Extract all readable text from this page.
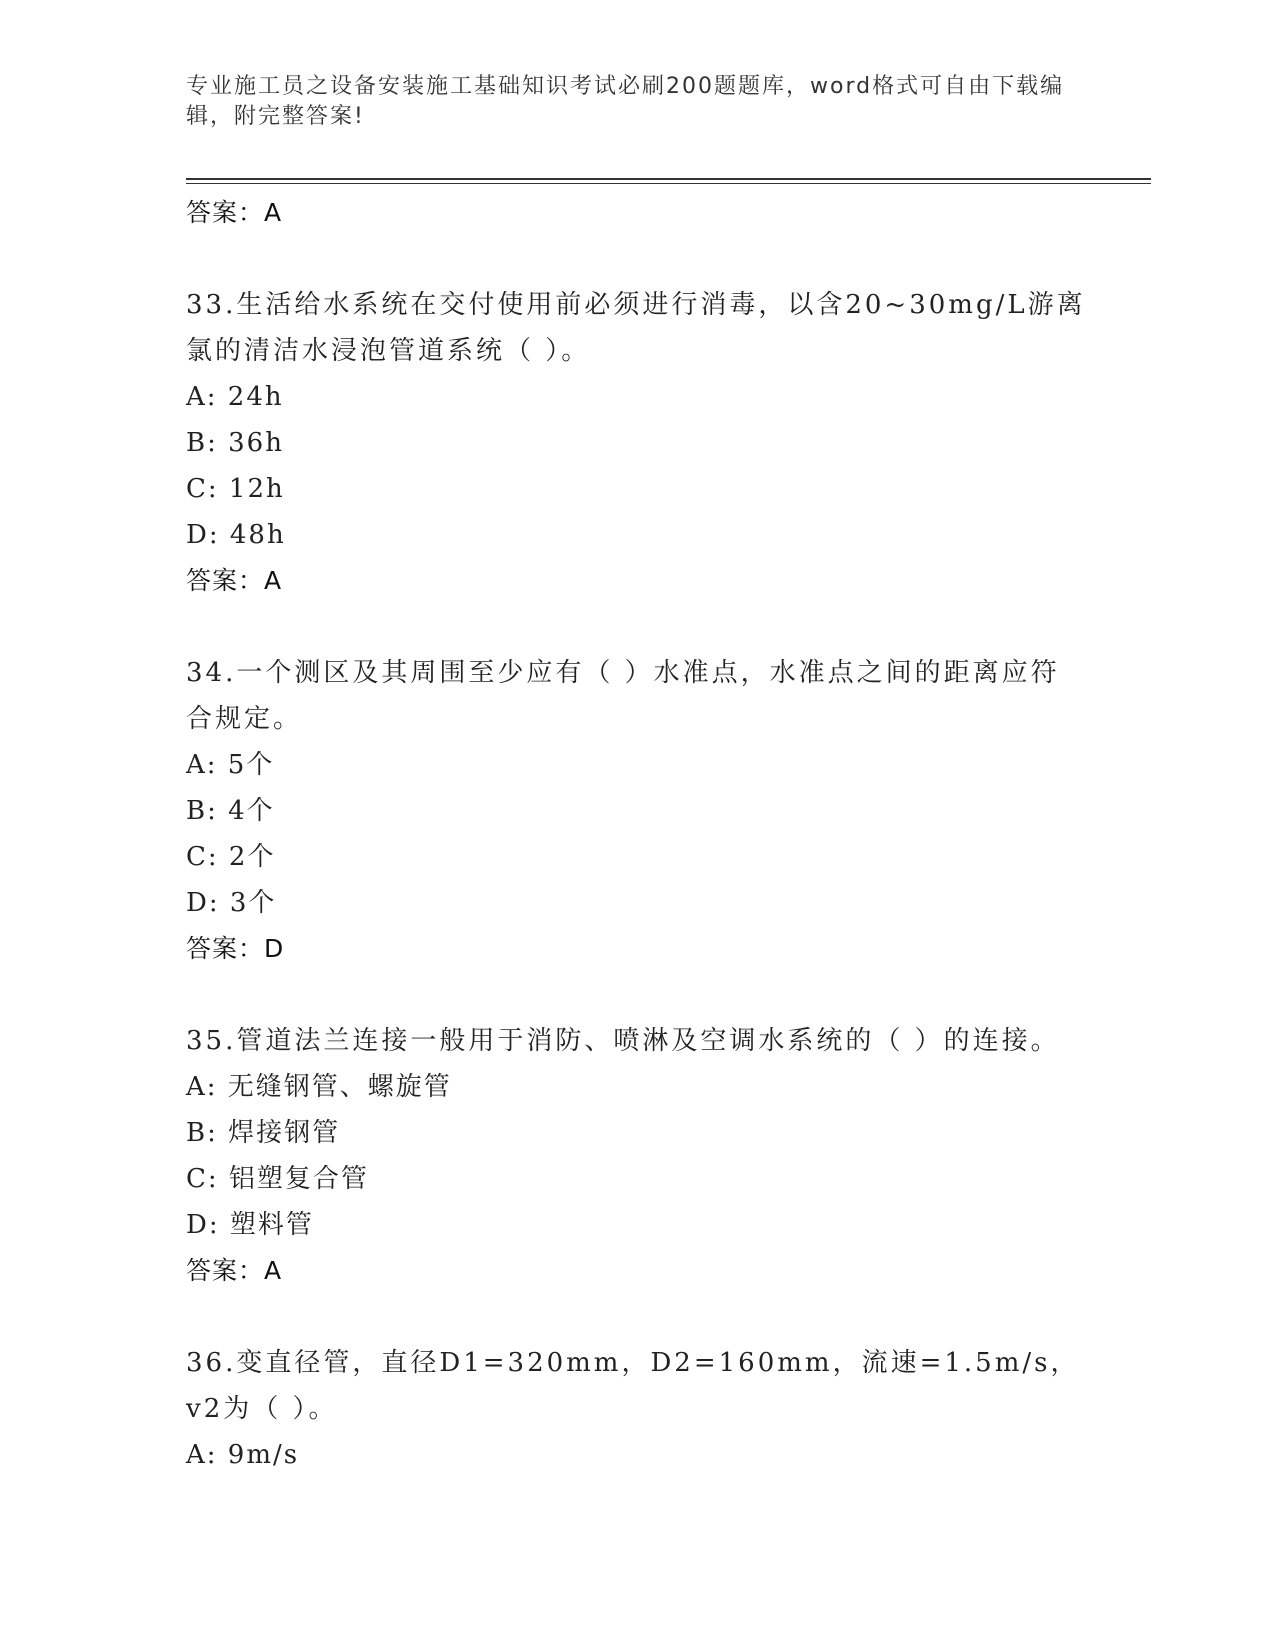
专业施工员之设备安装施工基础知识考试必刷200题题库，word格式可自由下载编辑，附完整答案!
答案：A
33.生活给水系统在交付使用前必须进行消毒，以含20~30mg/L游离氯的清洁水浸泡管道系统（ ）。
A: 24h
B: 36h
C: 12h
D: 48h
答案：A
34.一个测区及其周围至少应有（ ）水准点，水准点之间的距离应符合规定。
A: 5个
B: 4个
C: 2个
D: 3个
答案：D
35.管道法兰连接一般用于消防、喷淋及空调水系统的（ ）的连接。
A: 无缝钢管、螺旋管
B: 焊接钢管
C: 铝塑复合管
D: 塑料管
答案：A
36.变直径管，直径D1=320mm，D2=160mm，流速=1.5m/s，v2为（ ）。
A: 9m/s
